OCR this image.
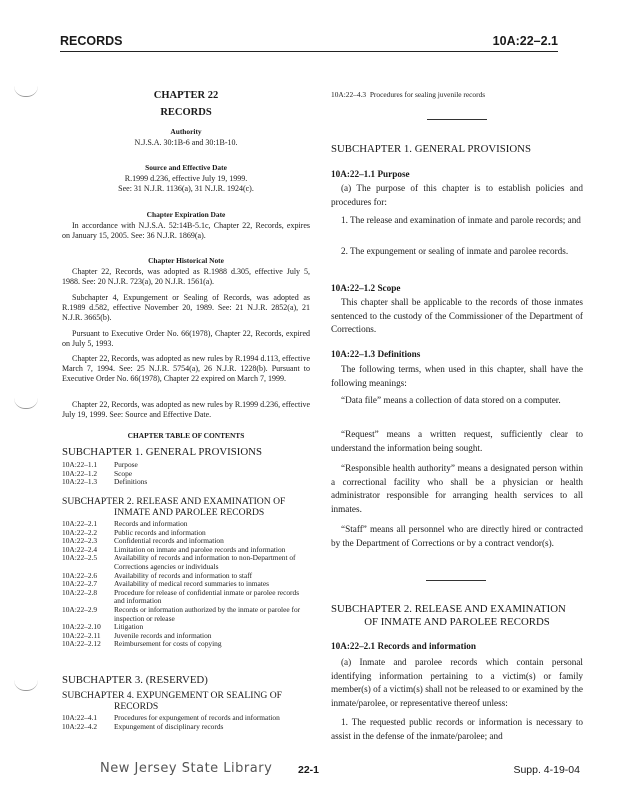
RECORDS	10A:22–2.1
CHAPTER 22
RECORDS
Authority
N.J.S.A. 30:1B-6 and 30:1B-10.
Source and Effective Date
R.1999 d.236, effective July 19, 1999.
See: 31 N.J.R. 1136(a), 31 N.J.R. 1924(c).
Chapter Expiration Date
In accordance with N.J.S.A. 52:14B-5.1c, Chapter 22, Records, expires on January 15, 2005. See: 36 N.J.R. 1869(a).
Chapter Historical Note
Chapter 22, Records, was adopted as R.1988 d.305, effective July 5, 1988. See: 20 N.J.R. 723(a), 20 N.J.R. 1561(a).
Subchapter 4, Expungement or Sealing of Records, was adopted as R.1989 d.582, effective November 20, 1989. See: 21 N.J.R. 2852(a), 21 N.J.R. 3665(b).
Pursuant to Executive Order No. 66(1978), Chapter 22, Records, expired on July 5, 1993.
Chapter 22, Records, was adopted as new rules by R.1994 d.113, effective March 7, 1994. See: 25 N.J.R. 5754(a), 26 N.J.R. 1228(b). Pursuant to Executive Order No. 66(1978), Chapter 22 expired on March 7, 1999.
Chapter 22, Records, was adopted as new rules by R.1999 d.236, effective July 19, 1999. See: Source and Effective Date.
CHAPTER TABLE OF CONTENTS
SUBCHAPTER 1. GENERAL PROVISIONS
10A:22–1.1 Purpose
10A:22–1.2 Scope
10A:22–1.3 Definitions
SUBCHAPTER 2. RELEASE AND EXAMINATION OF
INMATE AND PAROLEE RECORDS
10A:22–2.1 Records and information
10A:22–2.2 Public records and information
10A:22–2.3 Confidential records and information
10A:22–2.4 Limitation on inmate and parolee records and information
10A:22–2.5 Availability of records and information to non-Department of Corrections agencies or individuals
10A:22–2.6 Availability of records and information to staff
10A:22–2.7 Availability of medical record summaries to inmates
10A:22–2.8 Procedure for release of confidential inmate or parolee records and information
10A:22–2.9 Records or information authorized by the inmate or parolee for inspection or release
10A:22–2.10 Litigation
10A:22–2.11 Juvenile records and information
10A:22–2.12 Reimbursement for costs of copying
SUBCHAPTER 3. (RESERVED)
SUBCHAPTER 4. EXPUNGEMENT OR SEALING OF
RECORDS
10A:22–4.1 Procedures for expungement of records and information
10A:22–4.2 Expungement of disciplinary records
10A:22–4.3 Procedures for sealing juvenile records
SUBCHAPTER 1. GENERAL PROVISIONS
10A:22–1.1 Purpose
(a) The purpose of this chapter is to establish policies and procedures for:
1. The release and examination of inmate and parole records; and
2. The expungement or sealing of inmate and parolee records.
10A:22–1.2 Scope
This chapter shall be applicable to the records of those inmates sentenced to the custody of the Commissioner of the Department of Corrections.
10A:22–1.3 Definitions
The following terms, when used in this chapter, shall have the following meanings:
“Data file” means a collection of data stored on a computer.
“Request” means a written request, sufficiently clear to understand the information being sought.
“Responsible health authority” means a designated person within a correctional facility who shall be a physician or health administrator responsible for arranging health services to all inmates.
“Staff” means all personnel who are directly hired or contracted by the Department of Corrections or by a contract vendor(s).
SUBCHAPTER 2. RELEASE AND EXAMINATION
OF INMATE AND PAROLEE RECORDS
10A:22–2.1 Records and information
(a) Inmate and parolee records which contain personal identifying information pertaining to a victim(s) or family member(s) of a victim(s) shall not be released to or examined by the inmate/parolee, or representative thereof unless:
1. The requested public records or information is necessary to assist in the defense of the inmate/parolee; and
New Jersey State Library 22-1	Supp. 4-19-04
